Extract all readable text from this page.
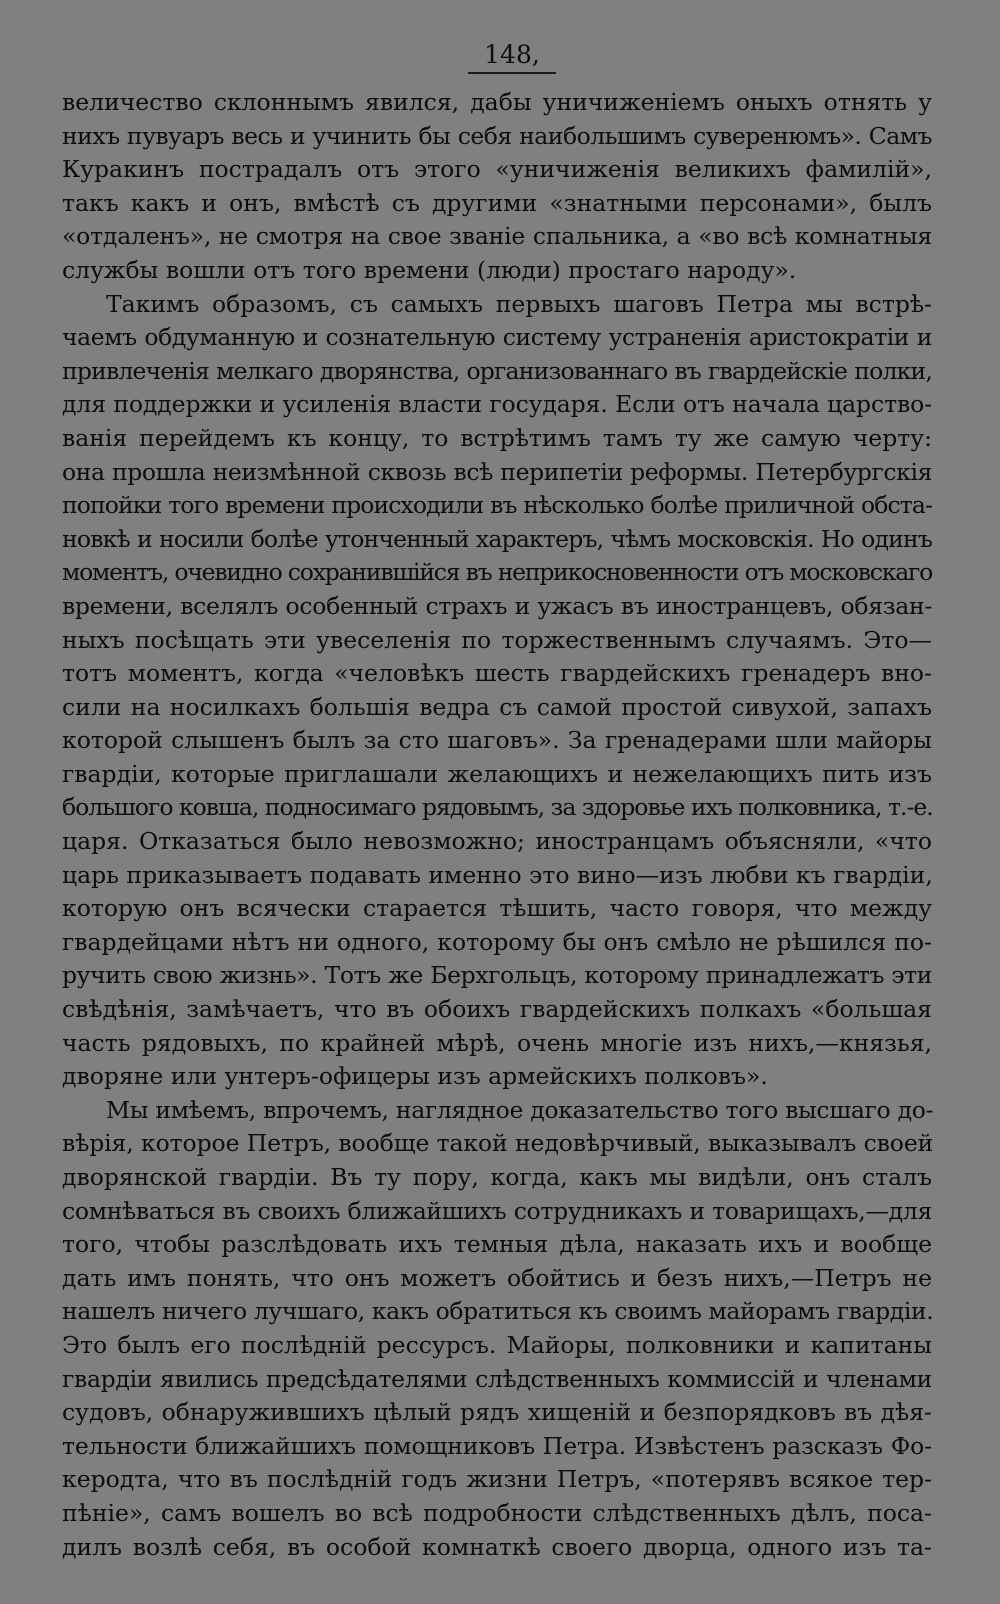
148,
величество склоннымъ явился, дабы уничиженіемъ оныхъ отнять у
нихъ пувуаръ весь и учинить бы себя наибольшимъ суверенюмъ». Самъ
Куракинъ пострадалъ отъ этого «уничиженія великихъ фамилій»,
такъ какъ и онъ, вмѣстѣ съ другими «знатными персонами», былъ
«отдаленъ», не смотря на свое званіе спальника, а «во всѣ комнатныя
службы вошли отъ того времени (люди) простаго народу».
Такимъ образомъ, съ самыхъ первыхъ шаговъ Петра мы встрѣ-
чаемъ обдуманную и сознательную систему устраненія аристократіи и
привлеченія мелкаго дворянства, организованнаго въ гвардейскіе полки,
для поддержки и усиленія власти государя. Если отъ начала царство-
ванія перейдемъ къ концу, то встрѣтимъ тамъ ту же самую черту:
она прошла неизмѣнной сквозь всѣ перипетіи реформы. Петербургскія
попойки того времени происходили въ нѣсколько болѣе приличной обста-
новкѣ и носили болѣе утонченный характеръ, чѣмъ московскія. Но одинъ
моментъ, очевидно сохранившійся въ неприкосновенности отъ московскаго
времени, вселялъ особенный страхъ и ужасъ въ иностранцевъ, обязан-
ныхъ посѣщать эти увеселенія по торжественнымъ случаямъ. Это—
тотъ моментъ, когда «человѣкъ шесть гвардейскихъ гренадеръ вно-
сили на носилкахъ большія ведра съ самой простой сивухой, запахъ
которой слышенъ былъ за сто шаговъ». За гренадерами шли майоры
гвардіи, которые приглашали желающихъ и нежелающихъ пить изъ
большого ковша, подносимаго рядовымъ, за здоровье ихъ полковника, т.-е.
царя. Отказаться было невозможно; иностранцамъ объясняли, «что
царь приказываетъ подавать именно это вино—изъ любви къ гвардіи,
которую онъ всячески старается тѣшить, часто говоря, что между
гвардейцами нѣтъ ни одного, которому бы онъ смѣло не рѣшился по-
ручить свою жизнь». Тотъ же Берхгольцъ, которому принадлежатъ эти
свѣдѣнія, замѣчаетъ, что въ обоихъ гвардейскихъ полкахъ «большая
часть рядовыхъ, по крайней мѣрѣ, очень многіе изъ нихъ,—князья,
дворяне или унтеръ-офицеры изъ армейскихъ полковъ».
Мы имѣемъ, впрочемъ, наглядное доказательство того высшаго до-
вѣрія, которое Петръ, вообще такой недовѣрчивый, выказывалъ своей
дворянской гвардіи. Въ ту пору, когда, какъ мы видѣли, онъ сталъ
сомнѣваться въ своихъ ближайшихъ сотрудникахъ и товарищахъ,—для
того, чтобы разслѣдовать ихъ темныя дѣла, наказать ихъ и вообще
дать имъ понять, что онъ можетъ обойтись и безъ нихъ,—Петръ не
нашелъ ничего лучшаго, какъ обратиться къ своимъ майорамъ гвардіи.
Это былъ его послѣдній рессурсъ. Майоры, полковники и капитаны
гвардіи явились предсѣдателями слѣдственныхъ коммиссій и членами
судовъ, обнаружившихъ цѣлый рядъ хищеній и безпорядковъ въ дѣя-
тельности ближайшихъ помощниковъ Петра. Извѣстенъ разсказъ Фо-
керодта, что въ послѣдній годъ жизни Петръ, «потерявъ всякое тер-
пѣніе», самъ вошелъ во всѣ подробности слѣдственныхъ дѣлъ, поса-
дилъ возлѣ себя, въ особой комнаткѣ своего дворца, одного изъ та-
